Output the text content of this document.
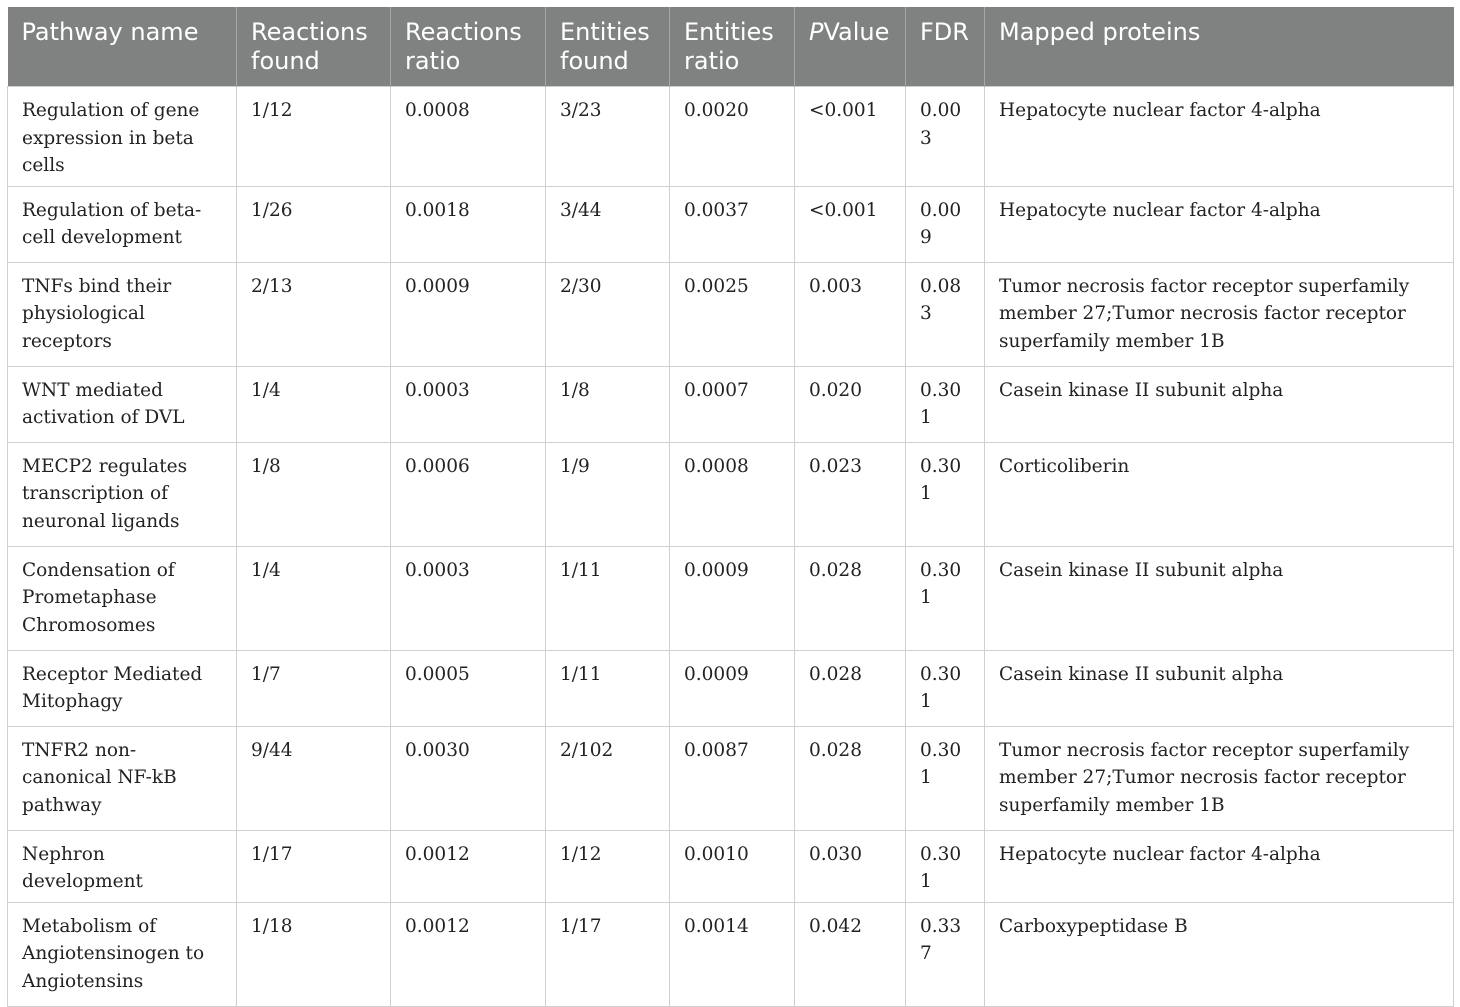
Pathway name	Reactions found	Reactions ratio	Entities found	Entities ratio	PValue	FDR	Mapped proteins
Regulation of gene expression in beta cells	1/12	0.0008	3/23	0.0020	<0.001	0.003	Hepatocyte nuclear factor 4-alpha
Regulation of beta-cell development	1/26	0.0018	3/44	0.0037	<0.001	0.009	Hepatocyte nuclear factor 4-alpha
TNFs bind their physiological receptors	2/13	0.0009	2/30	0.0025	0.003	0.083	Tumor necrosis factor receptor superfamily member 27;Tumor necrosis factor receptor superfamily member 1B
WNT mediated activation of DVL	1/4	0.0003	1/8	0.0007	0.020	0.301	Casein kinase II subunit alpha
MECP2 regulates transcription of neuronal ligands	1/8	0.0006	1/9	0.0008	0.023	0.301	Corticoliberin
Condensation of Prometaphase Chromosomes	1/4	0.0003	1/11	0.0009	0.028	0.301	Casein kinase II subunit alpha
Receptor Mediated Mitophagy	1/7	0.0005	1/11	0.0009	0.028	0.301	Casein kinase II subunit alpha
TNFR2 non-canonical NF-kB pathway	9/44	0.0030	2/102	0.0087	0.028	0.301	Tumor necrosis factor receptor superfamily member 27;Tumor necrosis factor receptor superfamily member 1B
Nephron development	1/17	0.0012	1/12	0.0010	0.030	0.301	Hepatocyte nuclear factor 4-alpha
Metabolism of Angiotensinogen to Angiotensins	1/18	0.0012	1/17	0.0014	0.042	0.337	Carboxypeptidase B
